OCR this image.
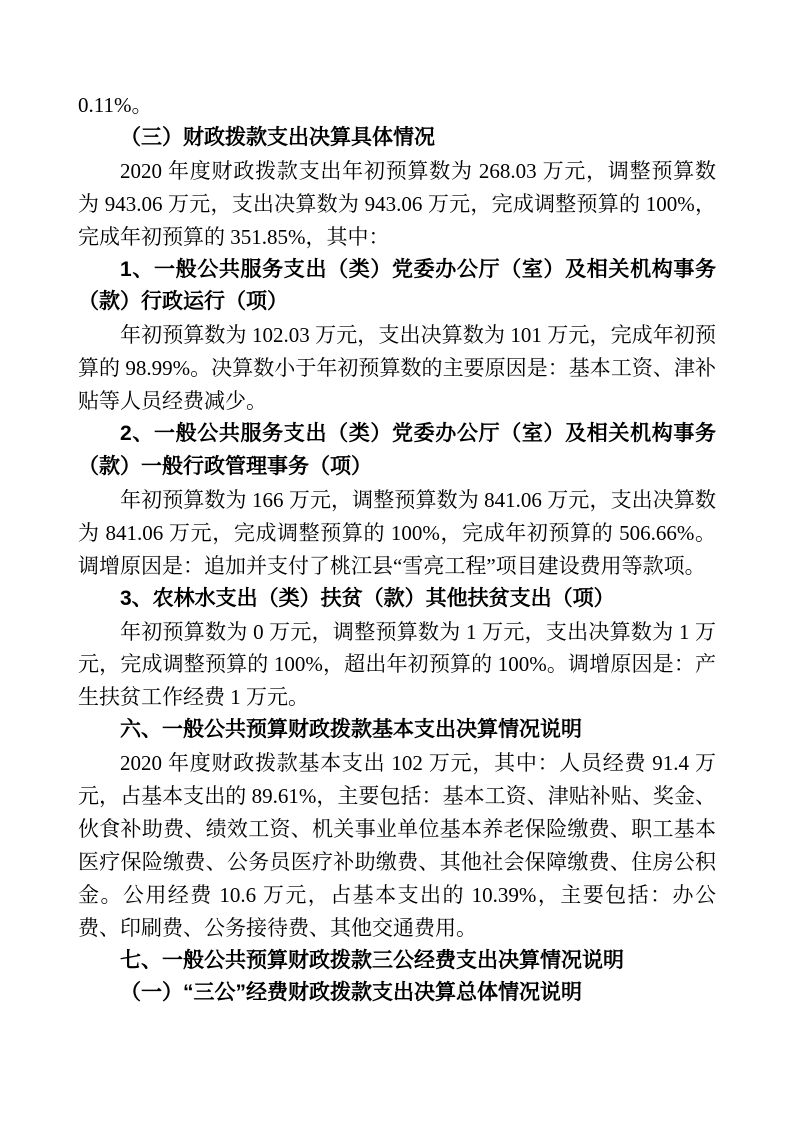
0.11%。

（三）财政拨款支出决算具体情况

2020 年度财政拨款支出年初预算数为 268.03 万元，调整预算数为 943.06 万元，支出决算数为 943.06 万元，完成调整预算的 100%，完成年初预算的 351.85%，其中：

1、一般公共服务支出（类）党委办公厅（室）及相关机构事务（款）行政运行（项）

年初预算数为 102.03 万元，支出决算数为 101 万元，完成年初预算的 98.99%。决算数小于年初预算数的主要原因是：基本工资、津补贴等人员经费减少。

2、一般公共服务支出（类）党委办公厅（室）及相关机构事务（款）一般行政管理事务（项）

年初预算数为 166 万元，调整预算数为 841.06 万元，支出决算数为 841.06 万元，完成调整预算的 100%，完成年初预算的 506.66%。调增原因是：追加并支付了桃江县“雪亮工程”项目建设费用等款项。

3、农林水支出（类）扶贫（款）其他扶贫支出（项）

年初预算数为 0 万元，调整预算数为 1 万元，支出决算数为 1 万元，完成调整预算的 100%，超出年初预算的 100%。调增原因是：产生扶贫工作经费 1 万元。

六、一般公共预算财政拨款基本支出决算情况说明

2020 年度财政拨款基本支出 102 万元，其中：人员经费 91.4 万元，占基本支出的 89.61%，主要包括：基本工资、津贴补贴、奖金、伙食补助费、绩效工资、机关事业单位基本养老保险缴费、职工基本医疗保险缴费、公务员医疗补助缴费、其他社会保障缴费、住房公积金。公用经费 10.6 万元，占基本支出的 10.39%，主要包括：办公费、印刷费、公务接待费、其他交通费用。

七、一般公共预算财政拨款三公经费支出决算情况说明

（一）“三公”经费财政拨款支出决算总体情况说明
